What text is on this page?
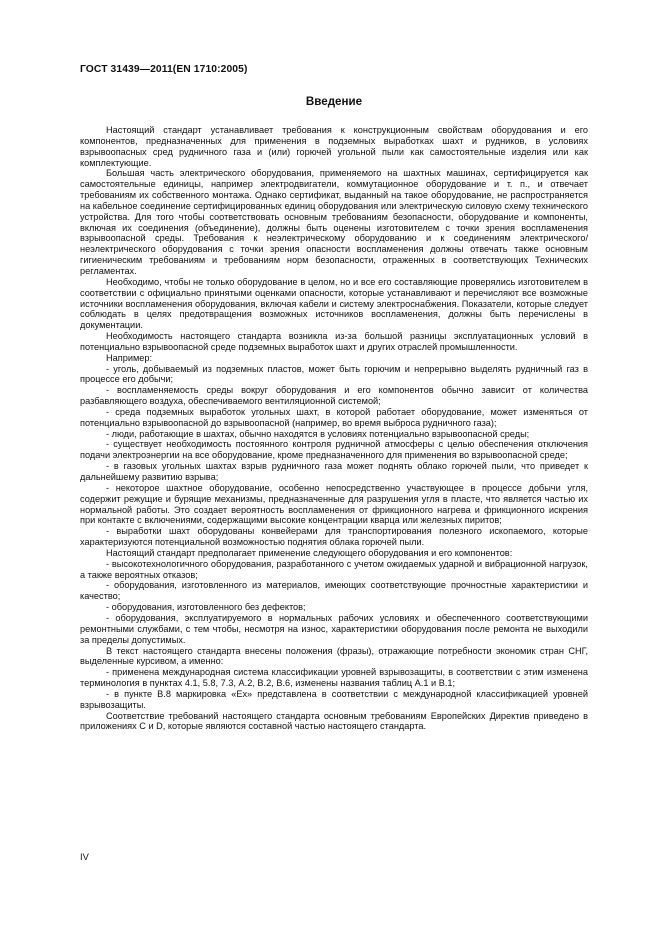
ГОСТ 31439—2011(EN 1710:2005)
Введение

Настоящий стандарт устанавливает требования к конструкционным свойствам оборудования и его компонентов, предназначенных для применения в подземных выработках шахт и рудников, в условиях взрывоопасных сред рудничного газа и (или) горючей угольной пыли как самостоятельные изделия или как комплектующие.

Большая часть электрического оборудования, применяемого на шахтных машинах, сертифицируется как самостоятельные единицы, например электродвигатели, коммутационное оборудование и т. п., и отвечает требованиям их собственного монтажа. Однако сертификат, выданный на такое оборудование, не распространяется на кабельное соединение сертифицированных единиц оборудования или электрическую силовую схему технического устройства. Для того чтобы соответствовать основным требованиям безопасности, оборудование и компоненты, включая их соединения (объединение), должны быть оценены изготовителем с точки зрения воспламенения взрывоопасной среды. Требования к неэлектрическому оборудованию и к соединениям электрического/неэлектрического оборудования с точки зрения опасности воспламенения должны отвечать также основным гигиеническим требованиям и требованиям норм безопасности, отраженных в соответствующих Технических регламентах.

Необходимо, чтобы не только оборудование в целом, но и все его составляющие проверялись изготовителем в соответствии с официально принятыми оценками опасности, которые устанавливают и перечисляют все возможные источники воспламенения оборудования, включая кабели и систему электроснабжения. Показатели, которые следует соблюдать в целях предотвращения возможных источников воспламенения, должны быть перечислены в документации.

Необходимость настоящего стандарта возникла из-за большой разницы эксплуатационных условий в потенциально взрывоопасной среде подземных выработок шахт и других отраслей промышленности.

Например:

- уголь, добываемый из подземных пластов, может быть горючим и непрерывно выделять рудничный газ в процессе его добычи;

- воспламеняемость среды вокруг оборудования и его компонентов обычно зависит от количества разбавляющего воздуха, обеспечиваемого вентиляционной системой;

- среда подземных выработок угольных шахт, в которой работает оборудование, может изменяться от потенциально взрывоопасной до взрывоопасной (например, во время выброса рудничного газа);

- люди, работающие в шахтах, обычно находятся в условиях потенциально взрывоопасной среды;

- существует необходимость постоянного контроля рудничной атмосферы с целью обеспечения отключения подачи электроэнергии на все оборудование, кроме предназначенного для применения во взрывоопасной среде;

- в газовых угольных шахтах взрыв рудничного газа может поднять облако горючей пыли, что приведет к дальнейшему развитию взрыва;

- некоторое шахтное оборудование, особенно непосредственно участвующее в процессе добычи угля, содержит режущие и бурящие механизмы, предназначенные для разрушения угля в пласте, что является частью их нормальной работы. Это создает вероятность воспламенения от фрикционного нагрева и фрикционного искрения при контакте с включениями, содержащими высокие концентрации кварца или железных пиритов;

- выработки шахт оборудованы конвейерами для транспортирования полезного ископаемого, которые характеризуются потенциальной возможностью поднятия облака горючей пыли.

Настоящий стандарт предполагает применение следующего оборудования и его компонентов:

- высокотехнологичного оборудования, разработанного с учетом ожидаемых ударной и вибрационной нагрузок, а также вероятных отказов;

- оборудования, изготовленного из материалов, имеющих соответствующие прочностные характеристики и качество;

- оборудования, изготовленного без дефектов;

- оборудования, эксплуатируемого в нормальных рабочих условиях и обеспеченного соответствующими ремонтными службами, с тем чтобы, несмотря на износ, характеристики оборудования после ремонта не выходили за пределы допустимых.

В текст настоящего стандарта внесены положения (фразы), отражающие потребности экономик стран СНГ, выделенные курсивом, а именно:

- применена международная система классификации уровней взрывозащиты, в соответствии с этим изменена терминология в пунктах 4.1, 5.8, 7.3, А.2, В.2, В.6, изменены названия таблиц А.1 и В.1;

- в пункте В.8 маркировка «Ex» представлена в соответствии с международной классификацией уровней взрывозащиты.

Соответствие требований настоящего стандарта основным требованиям Европейских Директив приведено в приложениях С и D, которые являются составной частью настоящего стандарта.

IV
